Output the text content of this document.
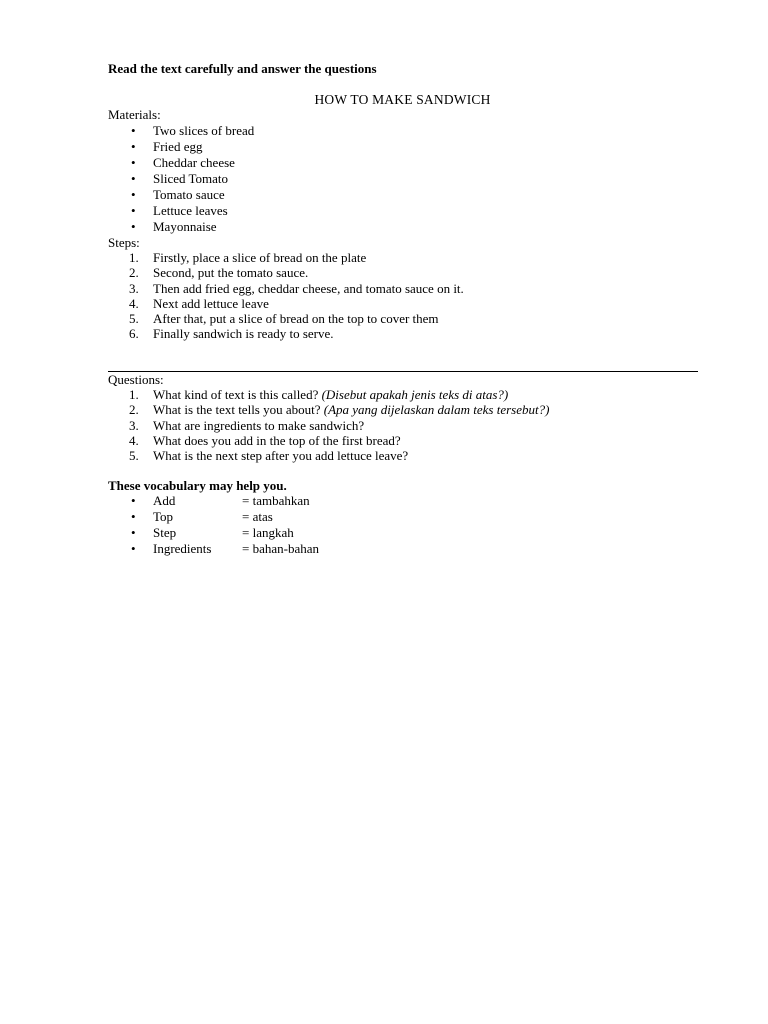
Read the text carefully and answer the questions
HOW TO MAKE SANDWICH
Materials:
• Two slices of bread
• Fried egg
• Cheddar cheese
• Sliced Tomato
• Tomato sauce
• Lettuce leaves
• Mayonnaise
Steps:
1. Firstly, place a slice of bread on the plate
2. Second, put the tomato sauce.
3. Then add fried egg, cheddar cheese, and tomato sauce on it.
4. Next add lettuce leave
5. After that, put a slice of bread on the top to cover them
6. Finally sandwich is ready to serve.
Questions:
1. What kind of text is this called? (Disebut apakah jenis teks di atas?)
2. What is the text tells you about? (Apa yang dijelaskan dalam teks tersebut?)
3. What are ingredients to make sandwich?
4. What does you add in the top of the first bread?
5. What is the next step after you add lettuce leave?
These vocabulary may help you.
• Add	= tambahkan
• Top	= atas
• Step	= langkah
• Ingredients = bahan-bahan
